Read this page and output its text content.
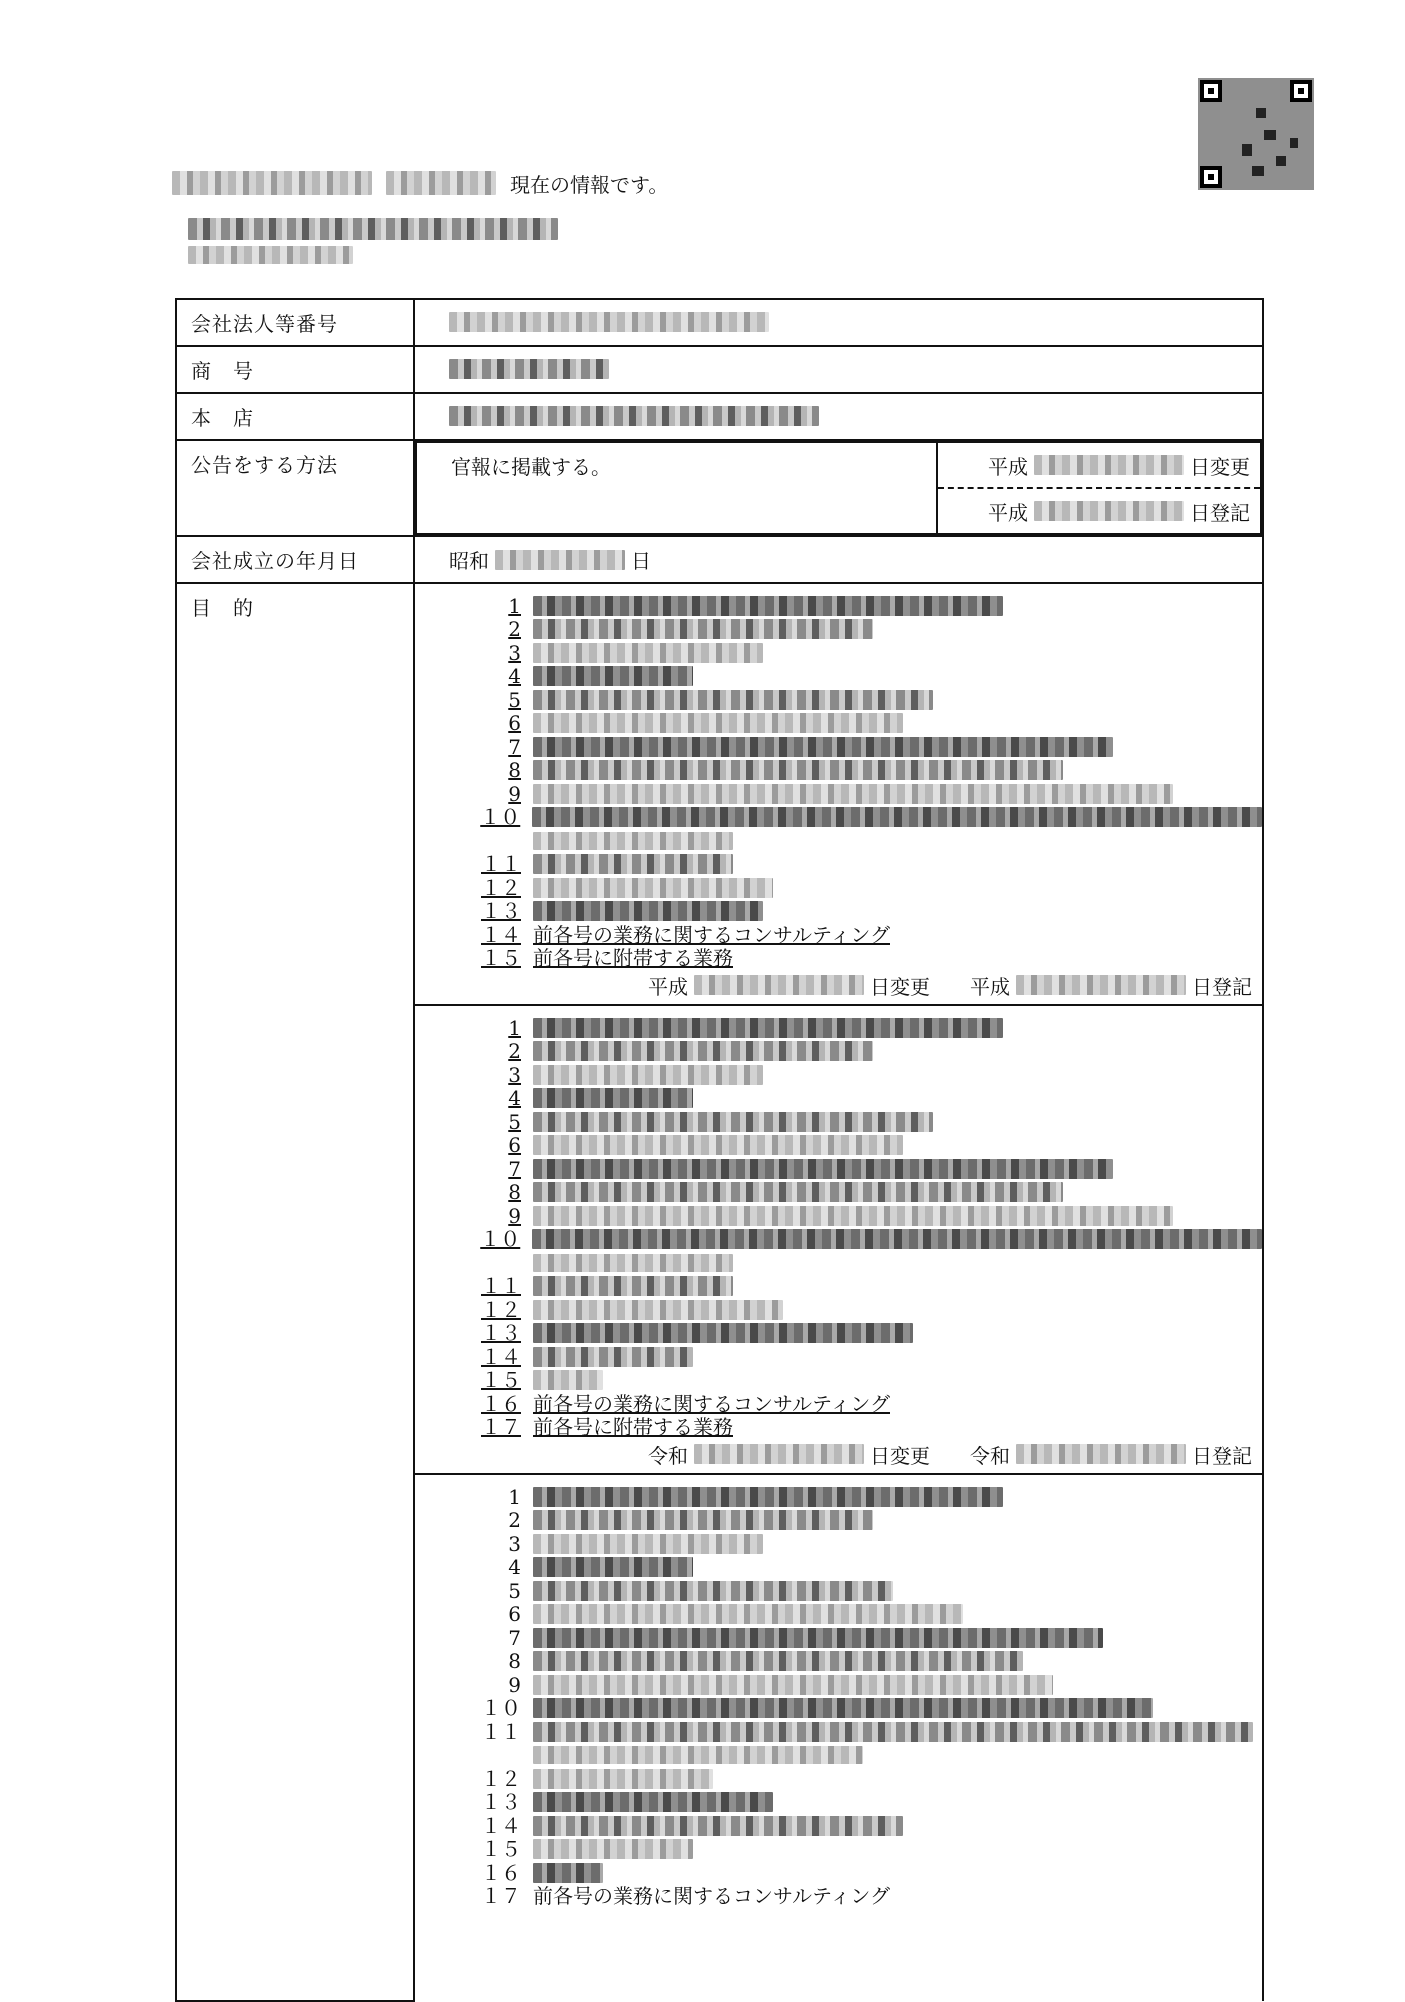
現在の情報です。
会社法人等番号	
商　号	
本　店	
公告をする方法		官報に掲載する。	平成	日変更
平成	日登記

会社成立の年月日	昭和	日

目　的	1
2
3
4
5
6
7
8
9
１０
１１
１２
１３
１４ 前各号の業務に関するコンサルティング
１５ 前各号に附帯する業務
平成	日変更 平成	日登記

1
2
3
4
5
6
7
8
9
１０
１１
１２
１３
１４
１５
１６ 前各号の業務に関するコンサルティング
１７ 前各号に附帯する業務
令和	日変更 令和	日登記

1
2
3
4
5
6
7
8
9
１０
１１
１２
１３
１４
１５
１６
１７ 前各号の業務に関するコンサルティング
